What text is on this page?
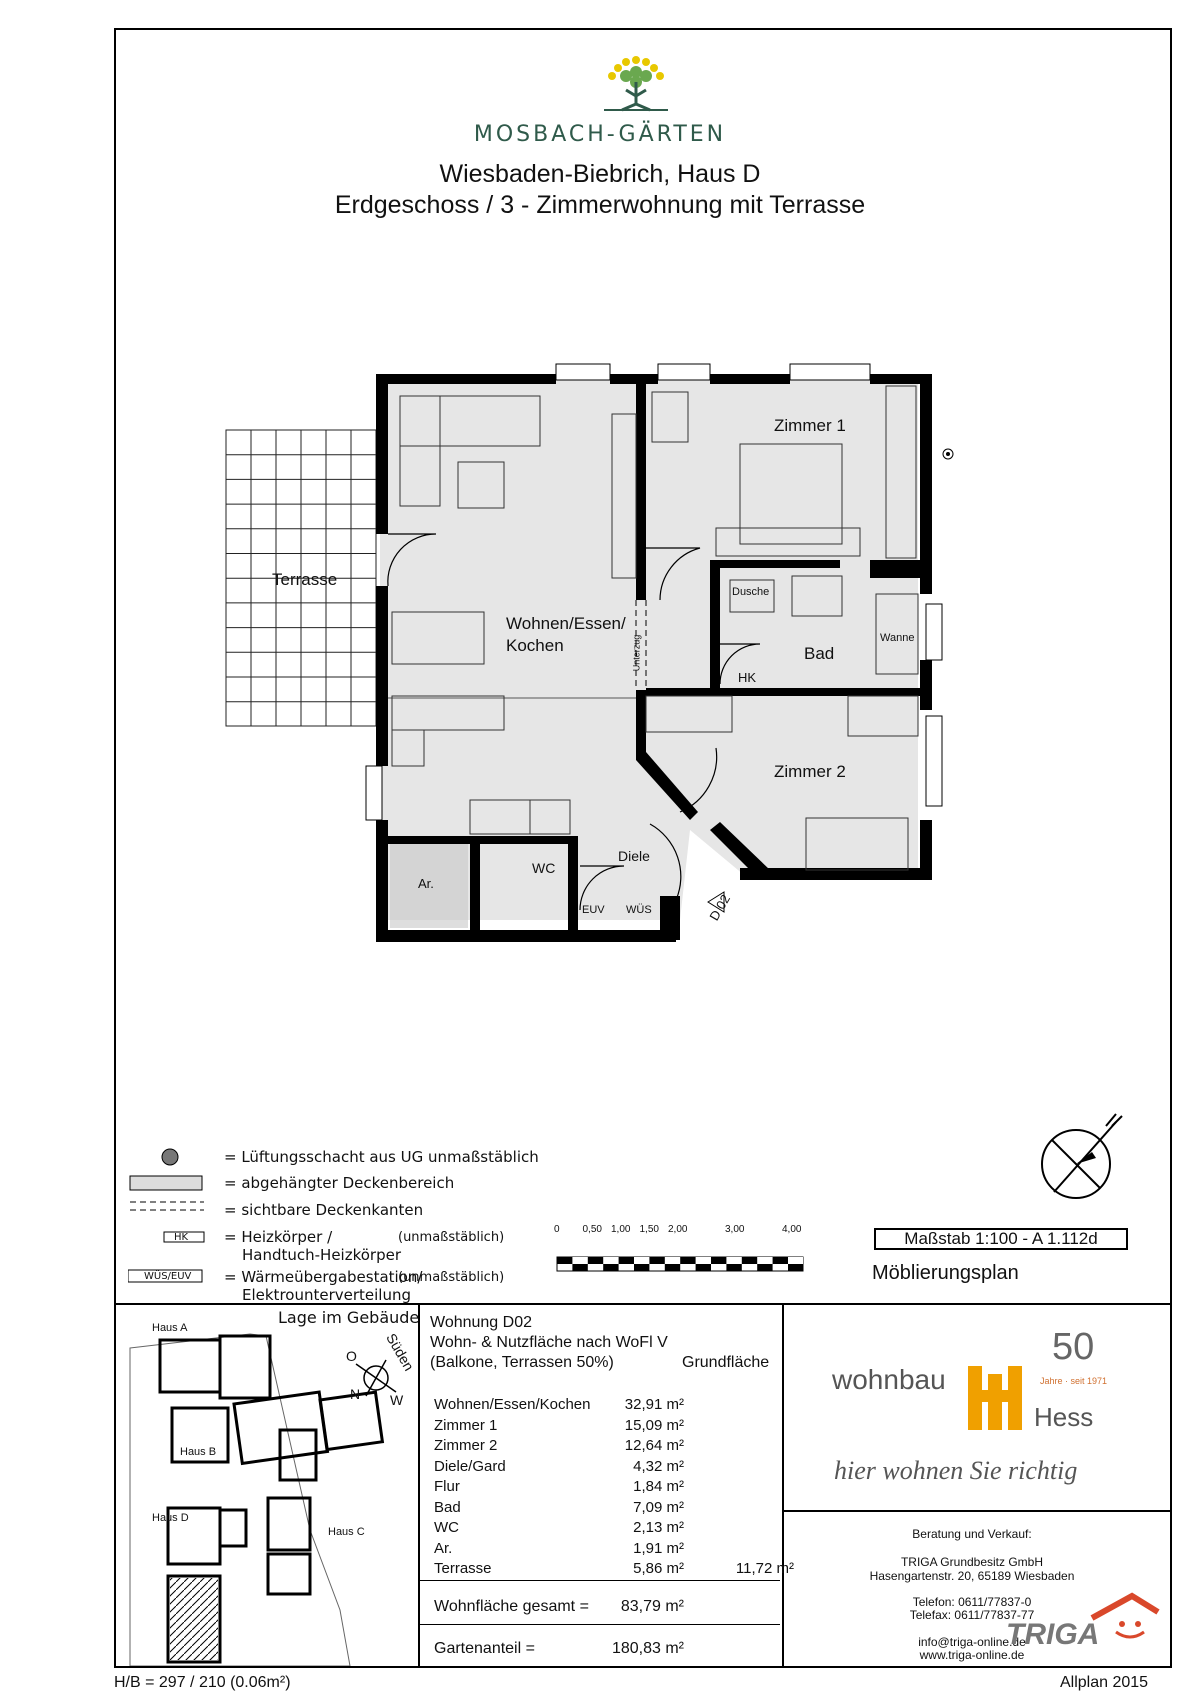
MOSBACH-GÄRTEN
Wiesbaden-Biebrich, Haus D
Erdgeschoss / 3 - Zimmerwohnung mit Terrasse
Terrasse
Wohnen/Essen/
Kochen
Zimmer 1
Zimmer 2
Bad
Dusche
Wanne
HK
WC
Diele
Ar.
EUV WÜS
Unterzug
D 02
HK
WÜS/EUV
= Lüftungsschacht aus UG unmaßstäblich
= abgehängter Deckenbereich
= sichtbare Deckenkanten
= Heizkörper /	(unmaßstäblich)
Handtuch-Heizkörper
= Wärmeübergabestation/
(unmaßstäblich)
Elektrounterverteilung
0 0,50 1,00 1,50 2,00	3,00	4,00	Maßstab 1:100 - A 1.112d
Möblierungsplan
Lage im Gebäude
Haus A
Haus B
Haus D
Haus C
Süden
O
N W
Wohnung D02
Wohn- & Nutzfläche nach WoFl V
(Balkone, Terrassen 50%)	Grundfläche
Wohnen/Essen/Kochen 32,91 m²
Zimmer 1	15,09 m²
Zimmer 2	12,64 m²
Diele/Gard	4,32 m²
Flur	1,84 m²
Bad	7,09 m²
WC	2,13 m²
Ar.	1,91 m²
Terrasse	5,86 m²	11,72 m²
Wohnfläche gesamt = 83,79 m²
Gartenanteil =	180,83 m²
wohnbau
Hess
50
Jahre · seit 1971
hier wohnen Sie richtig
Beratung und Verkauf:
TRIGA Grundbesitz GmbH
Hasengartenstr. 20, 65189 Wiesbaden
Telefon: 0611/77837-0
Telefax: 0611/77837-77
info@triga-online.de
www.triga-online.de
TRIGA
H/B = 297 / 210 (0.06m²)	Allplan 2015
